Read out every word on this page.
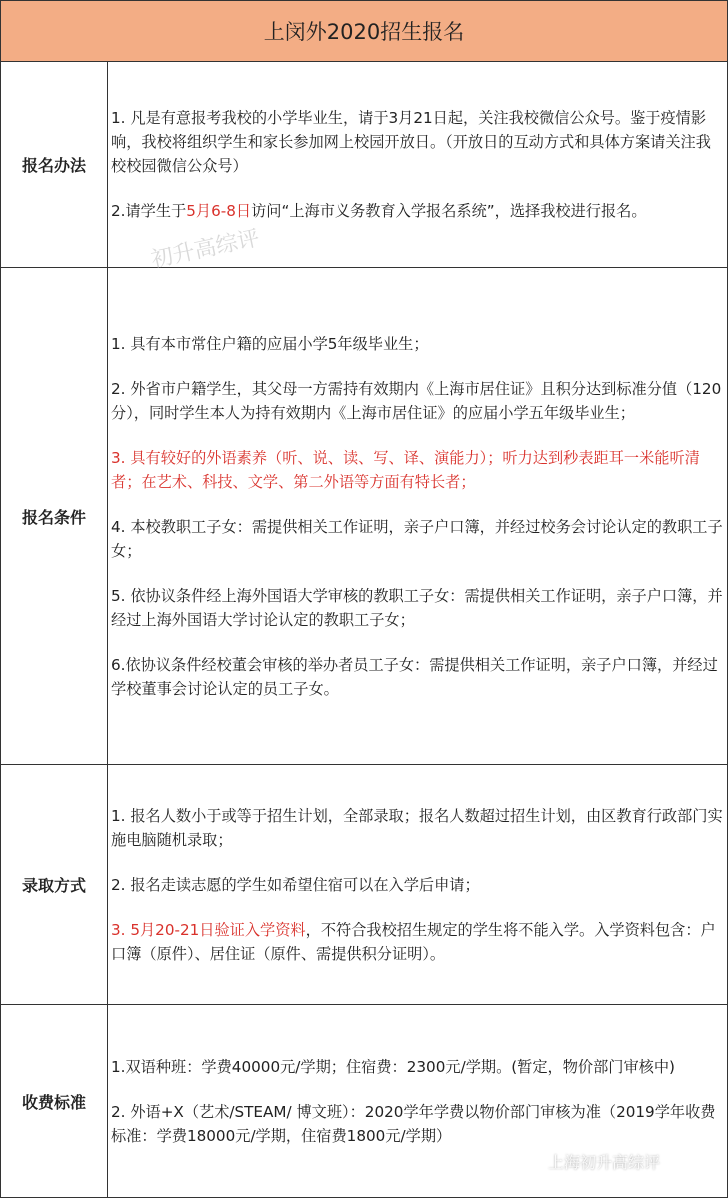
上闵外2020招生报名
报名办法

1. 凡是有意报考我校的小学毕业生，请于3月21日起，关注我校微信公众号。鉴于疫情影响，我校将组织学生和家长参加网上校园开放日。（开放日的互动方式和具体方案请关注我校校园微信公众号）

2.请学生于5月6-8日访问“上海市义务教育入学报名系统”，选择我校进行报名。

报名条件

1. 具有本市常住户籍的应届小学5年级毕业生；

2. 外省市户籍学生，其父母一方需持有效期内《上海市居住证》且积分达到标准分值（120分），同时学生本人为持有效期内《上海市居住证》的应届小学五年级毕业生；

3. 具有较好的外语素养（听、说、读、写、译、演能力）；听力达到秒表距耳一米能听清者；在艺术、科技、文学、第二外语等方面有特长者；

4. 本校教职工子女：需提供相关工作证明，亲子户口簿，并经过校务会讨论认定的教职工子女；

5. 依协议条件经上海外国语大学审核的教职工子女：需提供相关工作证明，亲子户口簿，并经过上海外国语大学讨论认定的教职工子女；

6.依协议条件经校董会审核的举办者员工子女：需提供相关工作证明，亲子户口簿，并经过学校董事会讨论认定的员工子女。

录取方式

1. 报名人数小于或等于招生计划，全部录取；报名人数超过招生计划，由区教育行政部门实施电脑随机录取；

2. 报名走读志愿的学生如希望住宿可以在入学后申请；

3. 5月20-21日验证入学资料，不符合我校招生规定的学生将不能入学。入学资料包含：户口簿（原件）、居住证（原件、需提供积分证明）。

收费标准

1.双语种班：学费40000元/学期；住宿费：2300元/学期。(暂定，物价部门审核中)

2. 外语+X（艺术/STEAM/ 博文班）：2020学年学费以物价部门审核为准（2019学年收费标准：学费18000元/学期，住宿费1800元/学期）

初升高综评
上海初升高综评
